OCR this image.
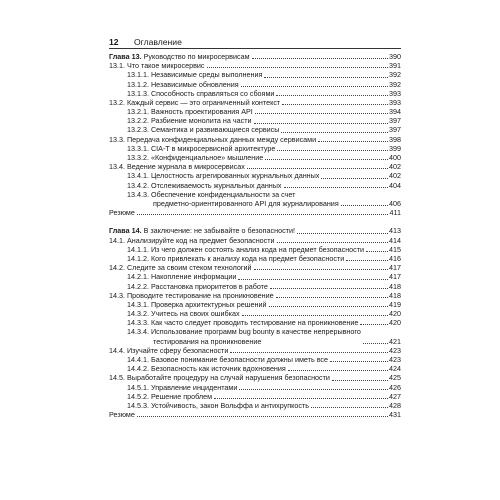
12 Оглавление
Глава 13. Руководство по микросервисам	390
13.1. Что такое микросервис	391
13.1.1. Независимые среды выполнения	392
13.1.2. Независимые обновления	392
13.1.3. Способность справляться со сбоями	393
13.2. Каждый сервис — это ограниченный контекст	393
13.2.1. Важность проектирования API	394
13.2.2. Разбиение монолита на части	397
13.2.3. Семантика и развивающиеся сервисы	397
13.3. Передача конфиденциальных данных между сервисами	398
13.3.1. CIA-T в микросервисной архитектуре	399
13.3.2. «Конфиденциальное» мышление	400
13.4. Ведение журнала в микросервисах	402
13.4.1. Целостность агрегированных журнальных данных	402
13.4.2. Отслеживаемость журнальных данных	404
13.4.3. Обеспечение конфиденциальности за счет
предметно-ориентированного API для журналирования	406
Резюме	411
Глава 14. В заключение: не забывайте о безопасности!	413
14.1. Анализируйте код на предмет безопасности	414
14.1.1. Из чего должен состоять анализ кода на предмет безопасности	415
14.1.2. Кого привлекать к анализу кода на предмет безопасности	416
14.2. Следите за своим стеком технологий	417
14.2.1. Накопление информации	417
14.2.2. Расстановка приоритетов в работе	418
14.3. Проводите тестирование на проникновение	418
14.3.1. Проверка архитектурных решений	419
14.3.2. Учитесь на своих ошибках	420
14.3.3. Как часто следует проводить тестирование на проникновение	420
14.3.4. Использование программ bug bounty в качестве непрерывного
тестирования на проникновение	421
14.4. Изучайте сферу безопасности	423
14.4.1. Базовое понимание безопасности должны иметь все	423
14.4.2. Безопасность как источник вдохновения	424
14.5. Выработайте процедуру на случай нарушения безопасности	425
14.5.1. Управление инцидентами	426
14.5.2. Решение проблем	427
14.5.3. Устойчивость, закон Вольффа и антихрупкость	428
Резюме	431
